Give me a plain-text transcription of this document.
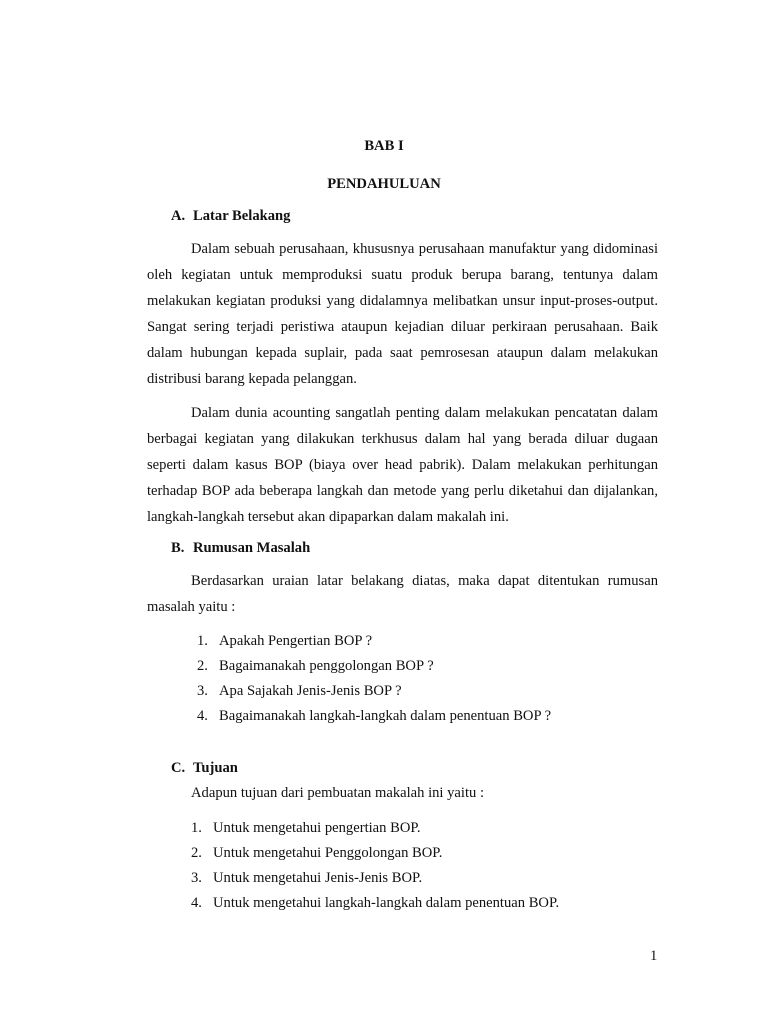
BAB I
PENDAHULUAN
A. Latar Belakang

Dalam sebuah perusahaan, khususnya perusahaan manufaktur yang didominasi oleh kegiatan untuk memproduksi suatu produk berupa barang, tentunya dalam melakukan kegiatan produksi yang didalamnya melibatkan unsur input-proses-output. Sangat sering terjadi peristiwa ataupun kejadian diluar perkiraan perusahaan. Baik dalam hubungan kepada suplair, pada saat pemrosesan ataupun dalam melakukan distribusi barang kepada pelanggan.

Dalam dunia acounting sangatlah penting dalam melakukan pencatatan dalam berbagai kegiatan yang dilakukan terkhusus dalam hal yang berada diluar dugaan seperti dalam kasus BOP (biaya over head pabrik). Dalam melakukan perhitungan terhadap BOP ada beberapa langkah dan metode yang perlu diketahui dan dijalankan, langkah-langkah tersebut akan dipaparkan dalam makalah ini.

B. Rumusan Masalah

Berdasarkan uraian latar belakang diatas, maka dapat ditentukan rumusan masalah yaitu :

1. Apakah Pengertian BOP ?
2. Bagaimanakah penggolongan BOP ?
3. Apa Sajakah Jenis-Jenis BOP ?
4. Bagaimanakah langkah-langkah dalam penentuan BOP ?
C. Tujuan
Adapun tujuan dari pembuatan makalah ini yaitu :
1. Untuk mengetahui pengertian BOP.
2. Untuk mengetahui Penggolongan BOP.
3. Untuk mengetahui Jenis-Jenis BOP.
4. Untuk mengetahui langkah-langkah dalam penentuan BOP.
1
